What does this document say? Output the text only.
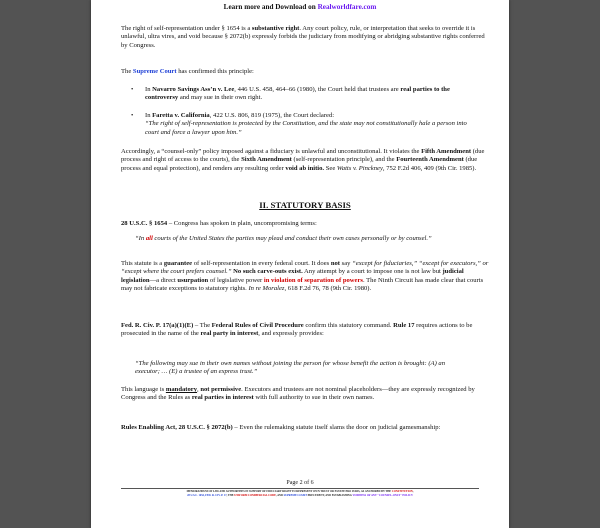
Learn more and Download on Realworldfare.com

The right of self-representation under § 1654 is a substantive right. Any court policy, rule, or interpretation that seeks to override it is unlawful, ultra vires, and void because § 2072(b) expressly forbids the judiciary from modifying or abridging substantive rights conferred by Congress.

The Supreme Court has confirmed this principle:

• In Navarro Savings Ass’n v. Lee, 446 U.S. 458, 464–66 (1980), the Court held that trustees are real parties to the controversy and may sue in their own right.

• In Faretta v. California, 422 U.S. 806, 819 (1975), the Court declared:

“The right of self-representation is protected by the Constitution, and the state may not constitutionally hale a person into court and force a lawyer upon him.”

Accordingly, a “counsel-only” policy imposed against a fiduciary is unlawful and unconstitutional. It violates the Fifth Amendment (due process and right of access to the courts), the Sixth Amendment (self-representation principle), and the Fourteenth Amendment (due process and equal protection), and renders any resulting order void ab initio. See Watts v. Pinckney, 752 F.2d 406, 409 (9th Cir. 1985).

II. STATUTORY BASIS

28 U.S.C. § 1654 – Congress has spoken in plain, uncompromising terms:

“In all courts of the United States the parties may plead and conduct their own cases personally or by counsel.”

This statute is a guarantee of self-representation in every federal court. It does not say “except for fiduciaries,” “except for executors,” or “except where the court prefers counsel.” No such carve-outs exist. Any attempt by a court to impose one is not law but judicial legislation—a direct usurpation of legislative power in violation of separation of powers. The Ninth Circuit has made clear that courts may not fabricate exceptions to statutory rights. In re Moralez, 618 F.2d 76, 78 (9th Cir. 1980).

Fed. R. Civ. P. 17(a)(1)(E) – The Federal Rules of Civil Procedure confirm this statutory command. Rule 17 requires actions to be prosecuted in the name of the real party in interest, and expressly provides:

“The following may sue in their own names without joining the person for whose benefit the action is brought: (A) an executor; … (E) a trustee of an express trust.”

This language is mandatory, not permissive. Executors and trustees are not nominal placeholders—they are expressly recognized by Congress and the Rules as real parties in interest with full authority to sue in their own names.

Rules Enabling Act, 28 U.S.C. § 2072(b) – Even the rulemaking statute itself slams the door on judicial gamesmanship:

Page 2 of 6
MEMORANDUM OF LAW AND AUTHORITIES IN SUPPORT OF FIDUCIARY RIGHT TO REPRESENT OWN TRUST OR ESTATE PRO JURIS, AS ANCHORED BY THE CONSTITUTION,
28 U.S.C. 1654, FED. R. CIV. P. 17, THE UNIFORM COMMERCIAL CODE, AND SUPREME COURT PRECEDENT, AND ESTABLISHING VOIDNESS OF ANY "COUNSEL-ONLY" POLICY
